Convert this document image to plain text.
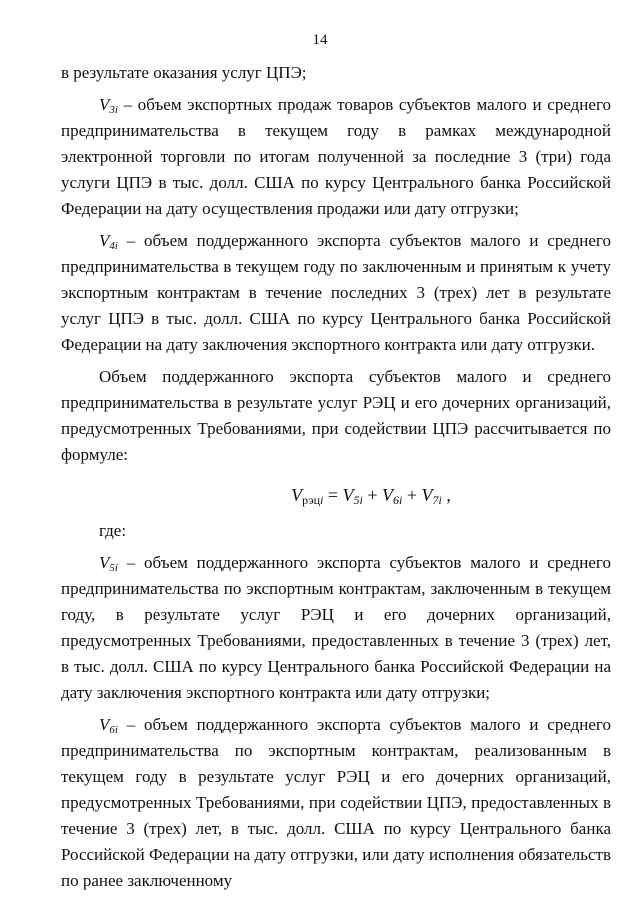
14

в результате оказания услуг ЦПЭ;

$V_{3i}$ – объем экспортных продаж товаров субъектов малого и среднего предпринимательства в текущем году в рамках международной электронной торговли по итогам полученной за последние 3 (три) года услуги ЦПЭ в тыс. долл. США по курсу Центрального банка Российской Федерации на дату осуществления продажи или дату отгрузки;

$V_{4i}$ – объем поддержанного экспорта субъектов малого и среднего предпринимательства в текущем году по заключенным и принятым к учету экспортным контрактам в течение последних 3 (трех) лет в результате услуг ЦПЭ в тыс. долл. США по курсу Центрального банка Российской Федерации на дату заключения экспортного контракта или дату отгрузки.

Объем поддержанного экспорта субъектов малого и среднего предпринимательства в результате услуг РЭЦ и его дочерних организаций, предусмотренных Требованиями, при содействии ЦПЭ рассчитывается по формуле:

$V_{рэцi} = V_{5i} + V_{6i} + V_{7i}$ ,

где:

$V_{5i}$ – объем поддержанного экспорта субъектов малого и среднего предпринимательства по экспортным контрактам, заключенным в текущем году, в результате услуг РЭЦ и его дочерних организаций, предусмотренных Требованиями, предоставленных в течение 3 (трех) лет, в тыс. долл. США по курсу Центрального банка Российской Федерации на дату заключения экспортного контракта или дату отгрузки;

$V_{6i}$ – объем поддержанного экспорта субъектов малого и среднего предпринимательства по экспортным контрактам, реализованным в текущем году в результате услуг РЭЦ и его дочерних организаций, предусмотренных Требованиями, при содействии ЦПЭ, предоставленных в течение 3 (трех) лет, в тыс. долл. США по курсу Центрального банка Российской Федерации на дату отгрузки, или дату исполнения обязательств по ранее заключенному
